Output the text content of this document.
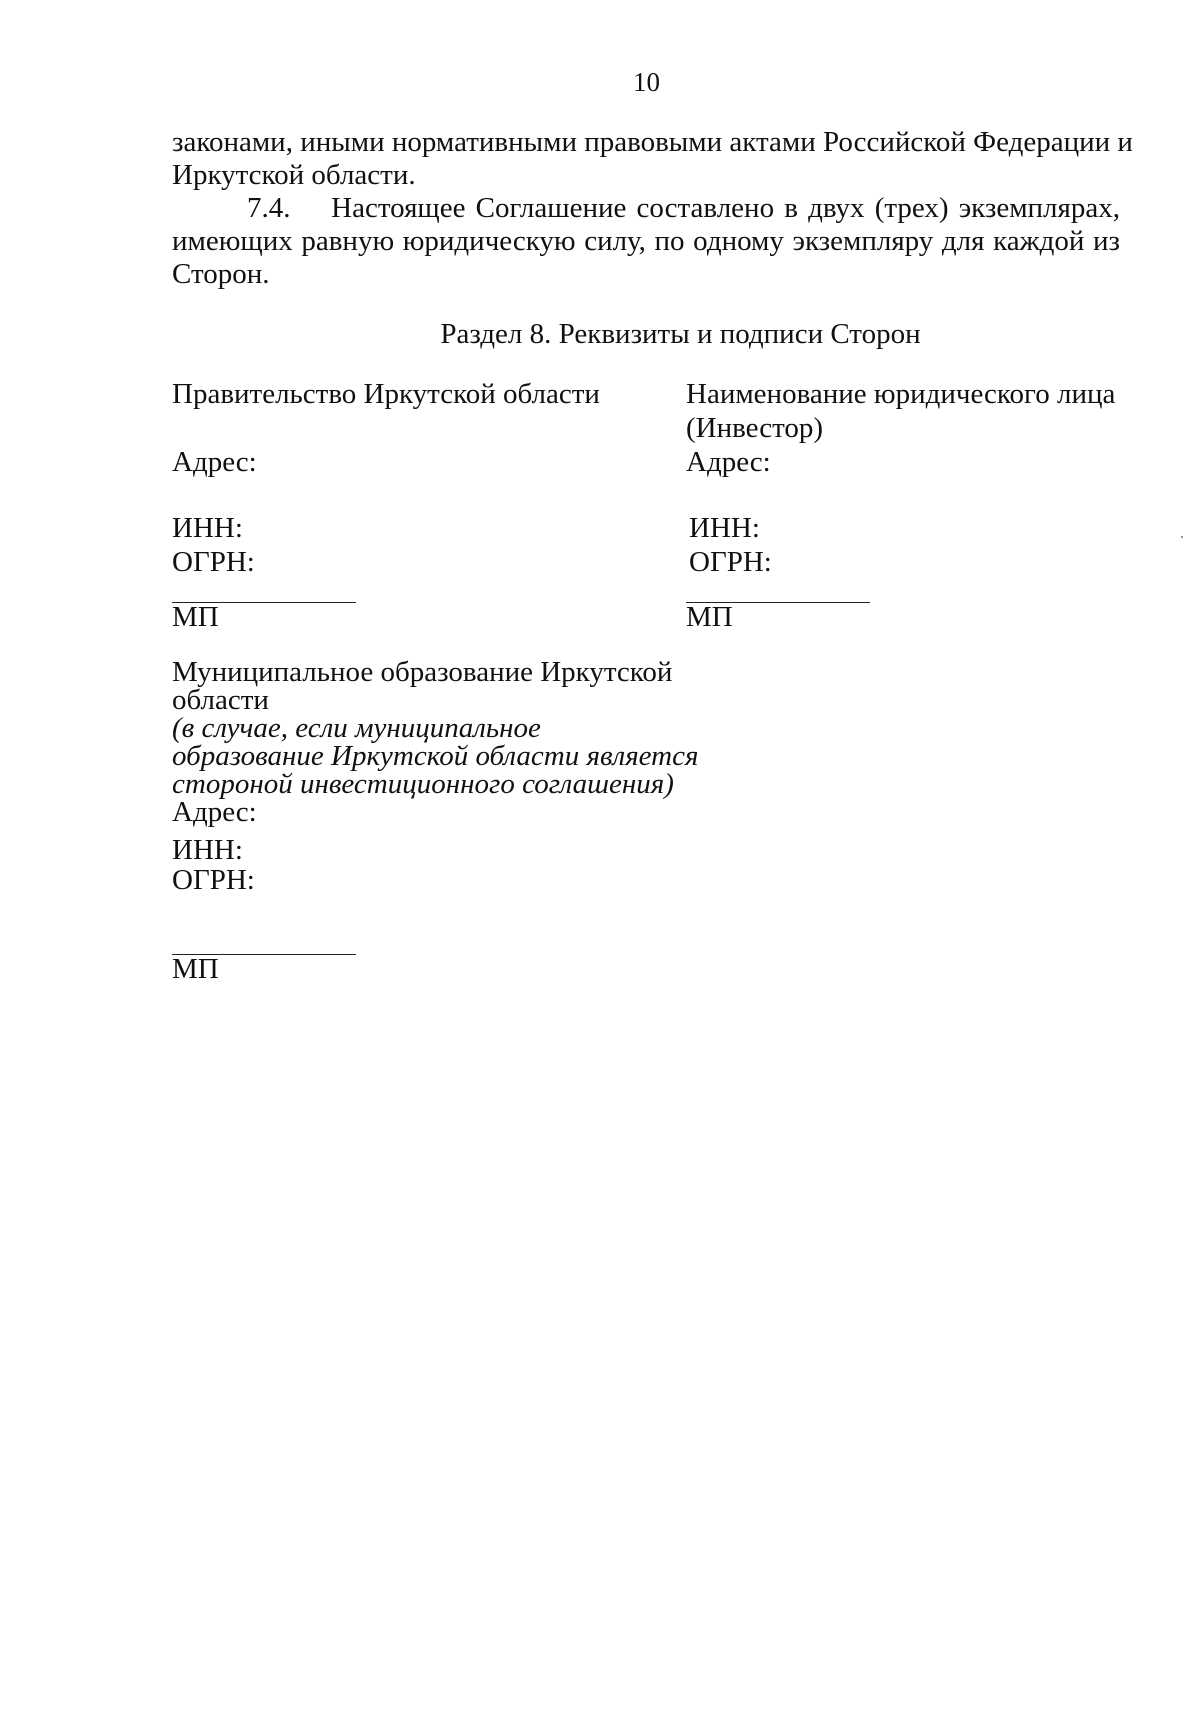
10
законами, иными нормативными правовыми актами Российской Федерации и
Иркутской области.
7.4. Настоящее Соглашение составлено в двух (трех) экземплярах,
имеющих равную юридическую силу, по одному экземпляру для каждой из
Сторон.
Раздел 8. Реквизиты и подписи Сторон
Правительство Иркутской области
Адрес:
ИНН:
ОГРН:
МП
Наименование юридического лица
(Инвестор)
Адрес:
ИНН:
ОГРН:
МП
Муниципальное образование Иркутской
области
(в случае, если муниципальное
образование Иркутской области является
стороной инвестиционного соглашения)
Адрес:
ИНН:
ОГРН:
МП
